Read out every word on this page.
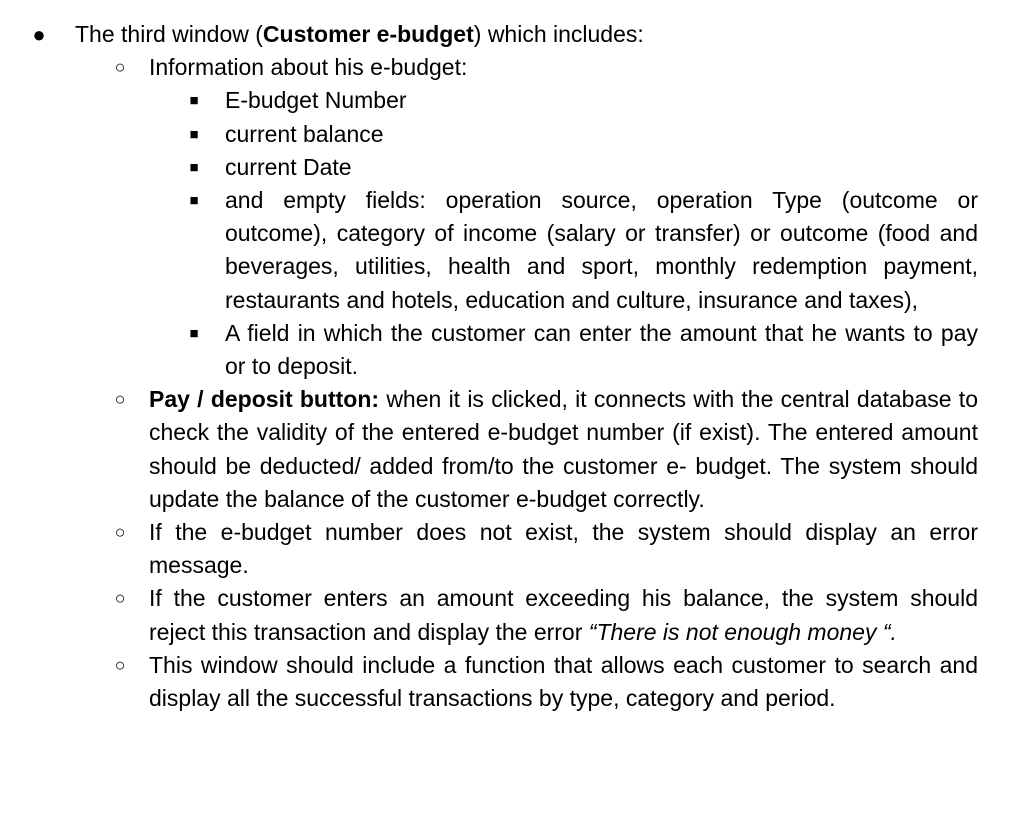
● The third window (Customer e-budget) which includes:
○ Information about his e-budget:
■	E-budget Number
■	current balance
■	current Date
■	and empty fields: operation source, operation Type (outcome or outcome), category of income (salary or transfer) or outcome (food and beverages, utilities, health and sport, monthly redemption payment, restaurants and hotels, education and culture, insurance and taxes),
■	A field in which the customer can enter the amount that he wants to pay or to deposit.
○ Pay / deposit button: when it is clicked, it connects with the central database to check the validity of the entered e-budget number (if exist). The entered amount should be deducted/ added from/to the customer e- budget. The system should update the balance of the customer e-budget correctly.
○ If the e-budget number does not exist, the system should display an error message.
○ If the customer enters an amount exceeding his balance, the system should reject this transaction and display the error “There is not enough money “.
○ This window should include a function that allows each customer to search and display all the successful transactions by type, category and period.
